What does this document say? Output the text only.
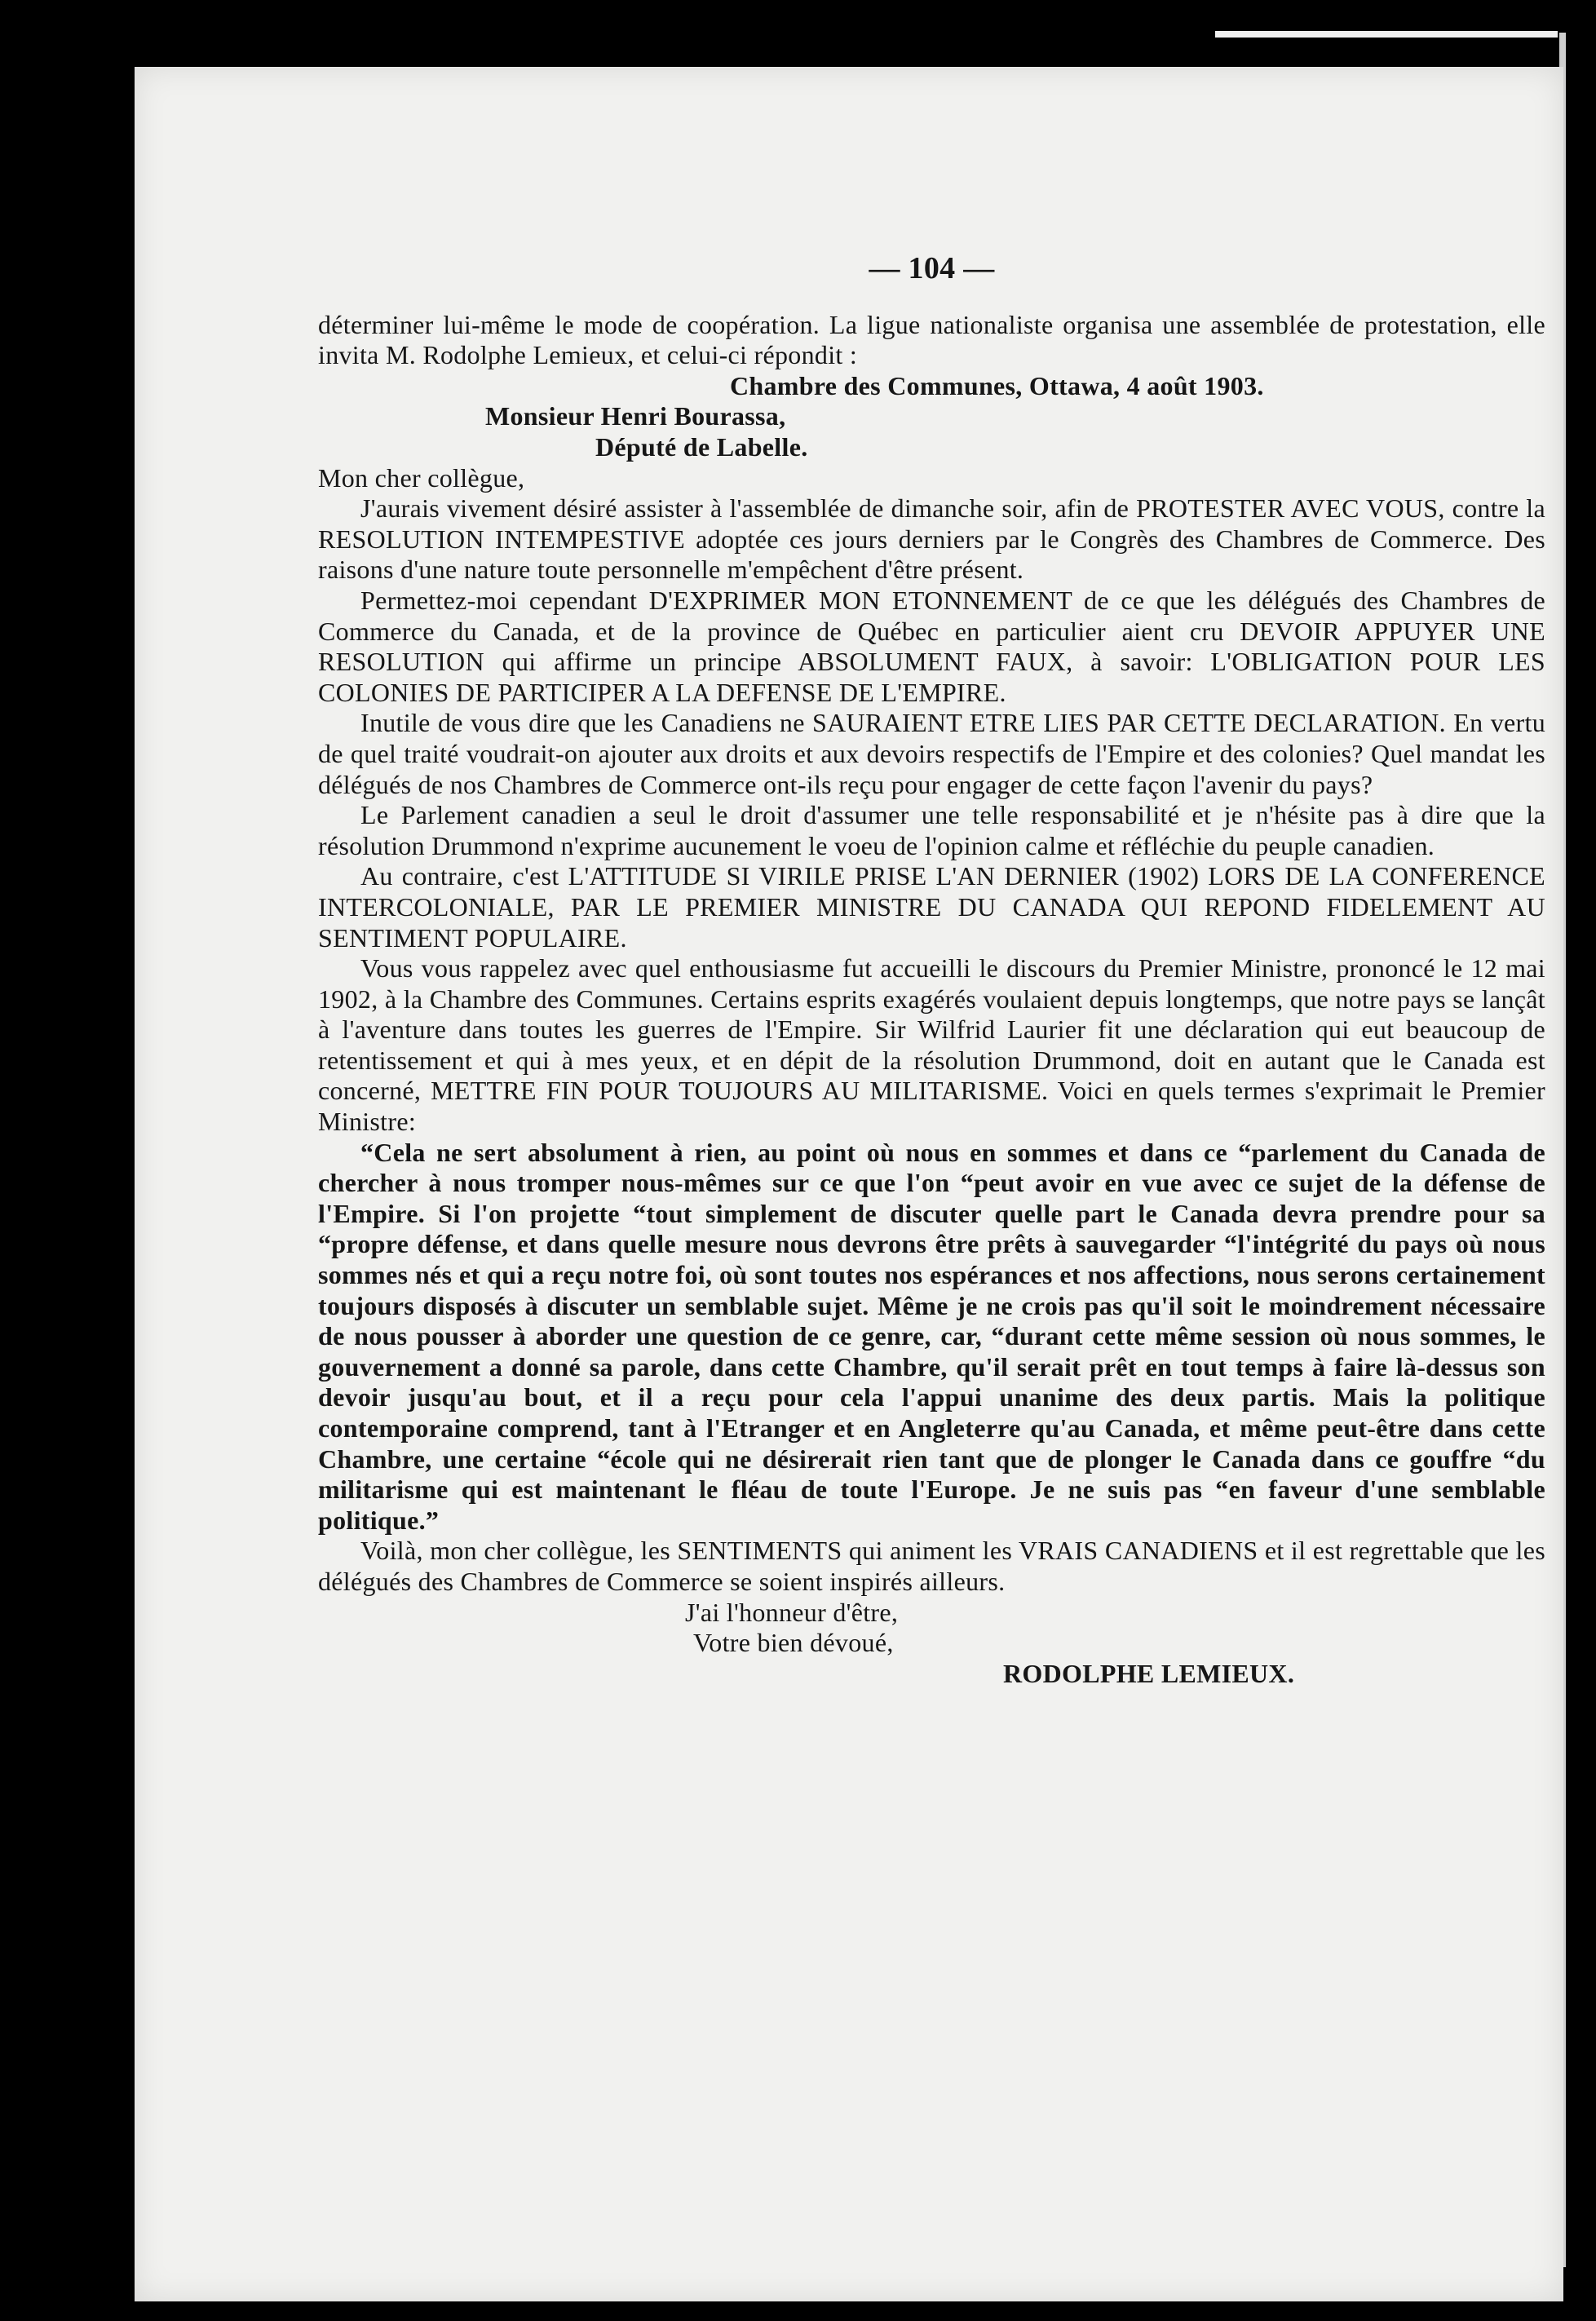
— 104 —

déterminer lui-même le mode de coopération. La ligue nationaliste organisa une assemblée de protestation, elle invita M. Rodolphe Lemieux, et celui-ci répondit :

Chambre des Communes, Ottawa, 4 août 1903.

Monsieur Henri Bourassa,

Député de Labelle.

Mon cher collègue,

J'aurais vivement désiré assister à l'assemblée de dimanche soir, afin de PROTESTER AVEC VOUS, contre la RESOLUTION INTEMPESTIVE adoptée ces jours derniers par le Congrès des Chambres de Commerce. Des raisons d'une nature toute personnelle m'empêchent d'être présent.

Permettez-moi cependant D'EXPRIMER MON ETONNEMENT de ce que les délégués des Chambres de Commerce du Canada, et de la province de Québec en particulier aient cru DEVOIR APPUYER UNE RESOLUTION qui affirme un principe ABSOLUMENT FAUX, à savoir: L'OBLIGATION POUR LES COLONIES DE PARTICIPER A LA DEFENSE DE L'EMPIRE.

Inutile de vous dire que les Canadiens ne SAURAIENT ETRE LIES PAR CETTE DECLARATION. En vertu de quel traité voudrait-on ajouter aux droits et aux devoirs respectifs de l'Empire et des colonies? Quel mandat les délégués de nos Chambres de Commerce ont-ils reçu pour engager de cette façon l'avenir du pays?

Le Parlement canadien a seul le droit d'assumer une telle responsabilité et je n'hésite pas à dire que la résolution Drummond n'exprime aucunement le voeu de l'opinion calme et réfléchie du peuple canadien.

Au contraire, c'est L'ATTITUDE SI VIRILE PRISE L'AN DERNIER (1902) LORS DE LA CONFERENCE INTERCOLONIALE, PAR LE PREMIER MINISTRE DU CANADA QUI REPOND FIDELEMENT AU SENTIMENT POPULAIRE.

Vous vous rappelez avec quel enthousiasme fut accueilli le discours du Premier Ministre, prononcé le 12 mai 1902, à la Chambre des Communes. Certains esprits exagérés voulaient depuis longtemps, que notre pays se lançât à l'aventure dans toutes les guerres de l'Empire. Sir Wilfrid Laurier fit une déclaration qui eut beaucoup de retentissement et qui à mes yeux, et en dépit de la résolution Drummond, doit en autant que le Canada est concerné, METTRE FIN POUR TOUJOURS AU MILITARISME. Voici en quels termes s'exprimait le Premier Ministre:

“Cela ne sert absolument à rien, au point où nous en sommes et dans ce “parlement du Canada de chercher à nous tromper nous-mêmes sur ce que l'on “peut avoir en vue avec ce sujet de la défense de l'Empire. Si l'on projette “tout simplement de discuter quelle part le Canada devra prendre pour sa “propre défense, et dans quelle mesure nous devrons être prêts à sauvegarder “l'intégrité du pays où nous sommes nés et qui a reçu notre foi, où sont toutes nos espérances et nos affections, nous serons certainement toujours disposés à discuter un semblable sujet. Même je ne crois pas qu'il soit le moindrement nécessaire de nous pousser à aborder une question de ce genre, car, “durant cette même session où nous sommes, le gouvernement a donné sa parole, dans cette Chambre, qu'il serait prêt en tout temps à faire là-dessus son devoir jusqu'au bout, et il a reçu pour cela l'appui unanime des deux partis. Mais la politique contemporaine comprend, tant à l'Etranger et en Angleterre qu'au Canada, et même peut-être dans cette Chambre, une certaine “école qui ne désirerait rien tant que de plonger le Canada dans ce gouffre “du militarisme qui est maintenant le fléau de toute l'Europe. Je ne suis pas “en faveur d'une semblable politique.”

Voilà, mon cher collègue, les SENTIMENTS qui animent les VRAIS CANADIENS et il est regrettable que les délégués des Chambres de Commerce se soient inspirés ailleurs.

J'ai l'honneur d'être,

Votre bien dévoué,

RODOLPHE LEMIEUX.
